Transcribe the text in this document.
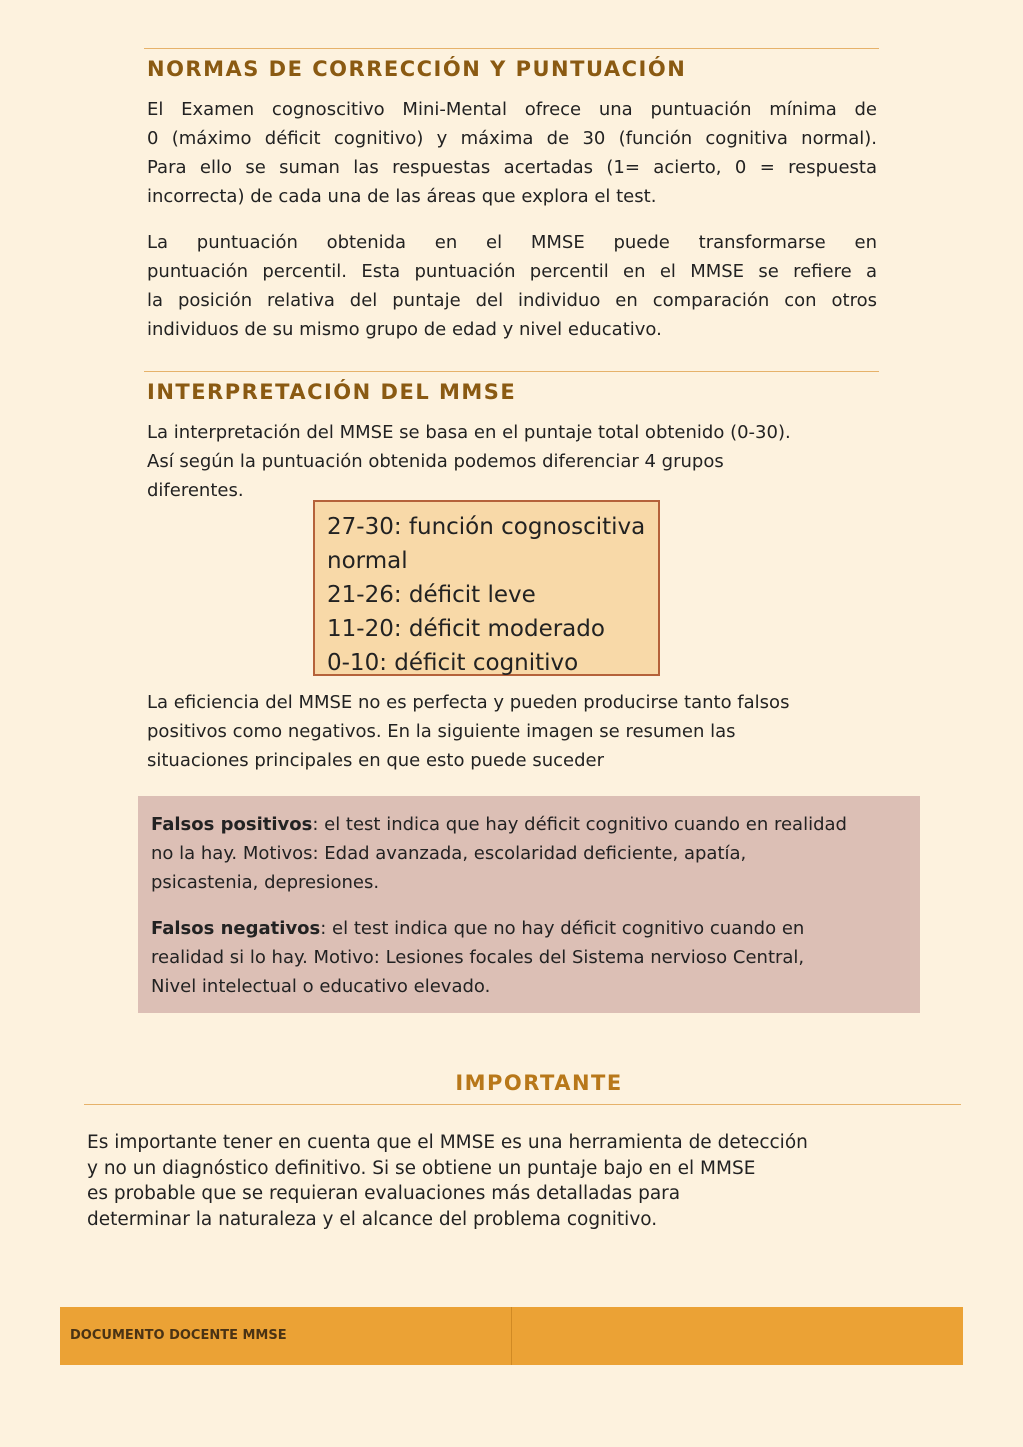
NORMAS DE CORRECCIÓN Y PUNTUACIÓN

El Examen cognoscitivo Mini-Mental ofrece una puntuación mínima de
0 (máximo déficit cognitivo) y máxima de 30 (función cognitiva normal).
Para ello se suman las respuestas acertadas (1= acierto, 0 = respuesta
incorrecta) de cada una de las áreas que explora el test.

La puntuación obtenida en el MMSE puede transformarse en
puntuación percentil. Esta puntuación percentil en el MMSE se refiere a
la posición relativa del puntaje del individuo en comparación con otros
individuos de su mismo grupo de edad y nivel educativo.

INTERPRETACIÓN DEL MMSE

La interpretación del MMSE se basa en el puntaje total obtenido (0-30).
Así según la puntuación obtenida podemos diferenciar 4 grupos
diferentes.

27-30: función cognoscitiva
normal
21-26: déficit leve
11-20: déficit moderado
0-10: déficit cognitivo

La eficiencia del MMSE no es perfecta y pueden producirse tanto falsos
positivos como negativos. En la siguiente imagen se resumen las
situaciones principales en que esto puede suceder

Falsos positivos: el test indica que hay déficit cognitivo cuando en realidad
no la hay. Motivos: Edad avanzada, escolaridad deficiente, apatía,
psicastenia, depresiones.

Falsos negativos: el test indica que no hay déficit cognitivo cuando en
realidad si lo hay. Motivo: Lesiones focales del Sistema nervioso Central,
Nivel intelectual o educativo elevado.

IMPORTANTE

Es importante tener en cuenta que el MMSE es una herramienta de detección
y no un diagnóstico definitivo. Si se obtiene un puntaje bajo en el MMSE
es probable que se requieran evaluaciones más detalladas para
determinar la naturaleza y el alcance del problema cognitivo.

DOCUMENTO DOCENTE MMSE
